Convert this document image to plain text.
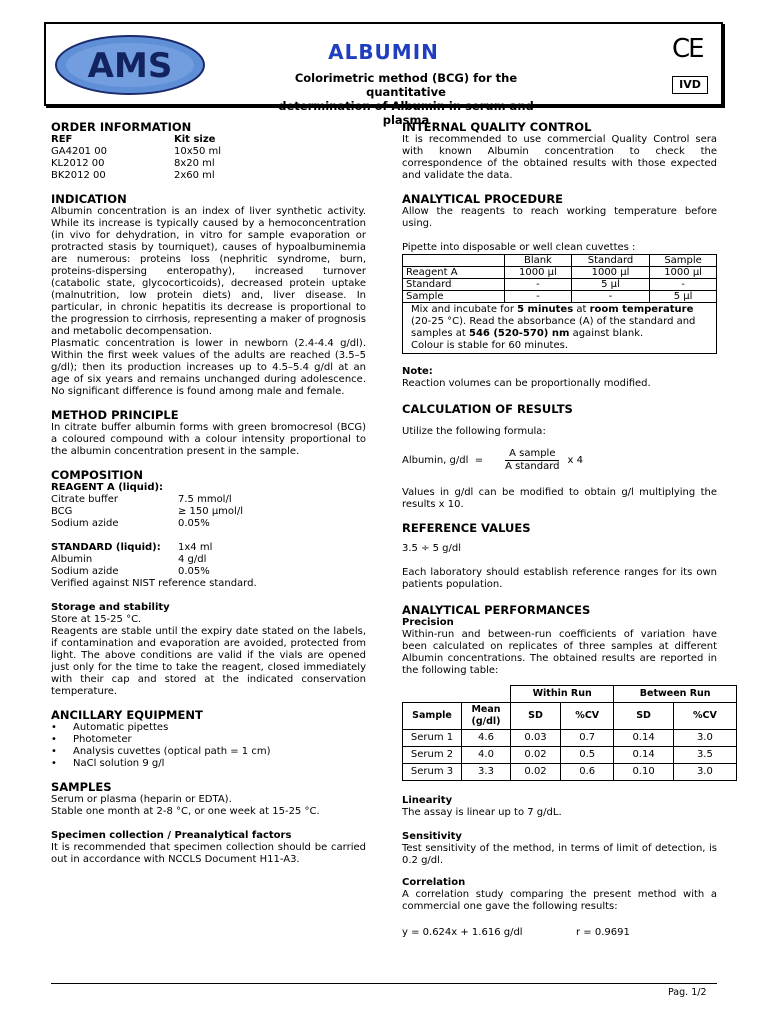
AMS	ALBUMIN
Colorimetric method (BCG) for the quantitative
determination of Albumin in serum and plasma
CE
IVD
ORDER INFORMATION
REF	Kit size
GA4201 00	10x50 ml
KL2012 00	8x20 ml
BK2012 00	2x60 ml
INDICATION

Albumin concentration is an index of liver synthetic activity. While its increase is typically caused by a hemoconcentration (in vivo for dehydration, in vitro for sample evaporation or protracted stasis by tourniquet), causes of hypoalbuminemia are numerous: proteins loss (nephritic syndrome, burn, proteins-dispersing enteropathy), increased turnover (catabolic state, glycocorticoids), decreased protein uptake (malnutrition, low protein diets) and, liver disease. In particular, in chronic hepatitis its decrease is proportional to the progression to cirrhosis, representing a maker of prognosis and metabolic decompensation.

Plasmatic concentration is lower in newborn (2.4-4.4 g/dl). Within the first week values of the adults are reached (3.5–5 g/dl); then its production increases up to 4.5–5.4 g/dl at an age of six years and remains unchanged during adolescence. No significant difference is found among male and female.

METHOD PRINCIPLE

In citrate buffer albumin forms with green bromocresol (BCG) a coloured compound with a colour intensity proportional to the albumin concentration present in the sample.

COMPOSITION
REAGENT A (liquid):
Citrate buffer	7.5 mmol/l
BCG	≥ 150 μmol/l
Sodium azide	0.05%
STANDARD (liquid):	1x4 ml
Albumin	4 g/dl
Sodium azide	0.05%

Verified against NIST reference standard.

Storage and stability

Store at 15-25 °C.

Reagents are stable until the expiry date stated on the labels, if contamination and evaporation are avoided, protected from light. The above conditions are valid if the vials are opened just only for the time to take the reagent, closed immediately with their cap and stored at the indicated conservation temperature.

ANCILLARY EQUIPMENT
• Automatic pipettes
• Photometer
• Analysis cuvettes (optical path = 1 cm)
• NaCl solution 9 g/l
SAMPLES

Serum or plasma (heparin or EDTA).

Stable one month at 2-8 °C, or one week at 15-25 °C.

Specimen collection / Preanalytical factors

It is recommended that specimen collection should be carried out in accordance with NCCLS Document H11-A3.

INTERNAL QUALITY CONTROL

It is recommended to use commercial Quality Control sera with known Albumin concentration to check the correspondence of the obtained results with those expected and validate the data.

ANALYTICAL PROCEDURE

Allow the reagents to reach working temperature before using.

Pipette into disposable or well clean cuvettes :

	Blank	Standard	Sample
Reagent A	1000 µl	1000 µl	1000 µl
Standard	-	5 µl	-
Sample	-	-	5 µl
Mix and incubate for 5 minutes at room temperature (20-25 °C). Read the absorbance (A) of the standard and samples at 546 (520-570) nm against blank.
Colour is stable for 60 minutes.
Note:

Reaction volumes can be proportionally modified.

CALCULATION OF RESULTS

Utilize the following formula:

Albumin, $g/dl = \frac{\text{A sample}}{\text{A standard}}$ x 4

Values in g/dl can be modified to obtain g/l multiplying the results x 10.

REFERENCE VALUES

3.5 ÷ 5 g/dl

Each laboratory should establish reference ranges for its own patients population.

ANALYTICAL PERFORMANCES
Precision

Within-run and between-run coefficients of variation have been calculated on replicates of three samples at different Albumin concentrations. The obtained results are reported in the following table:

		Within Run		Between Run	
Sample	Mean (g/dl)	SD	%CV	SD	%CV
Serum 1	4.6	0.03	0.7	0.14	3.0
Serum 2	4.0	0.02	0.5	0.14	3.5
Serum 3	3.3	0.02	0.6	0.10	3.0
Linearity

The assay is linear up to 7 g/dL.

Sensitivity

Test sensitivity of the method, in terms of limit of detection, is 0.2 g/dl.

Correlation

A correlation study comparing the present method with a commercial one gave the following results:

y = 0.624x + 1.616 g/dl	r = 0.9691
Pag. 1/2
